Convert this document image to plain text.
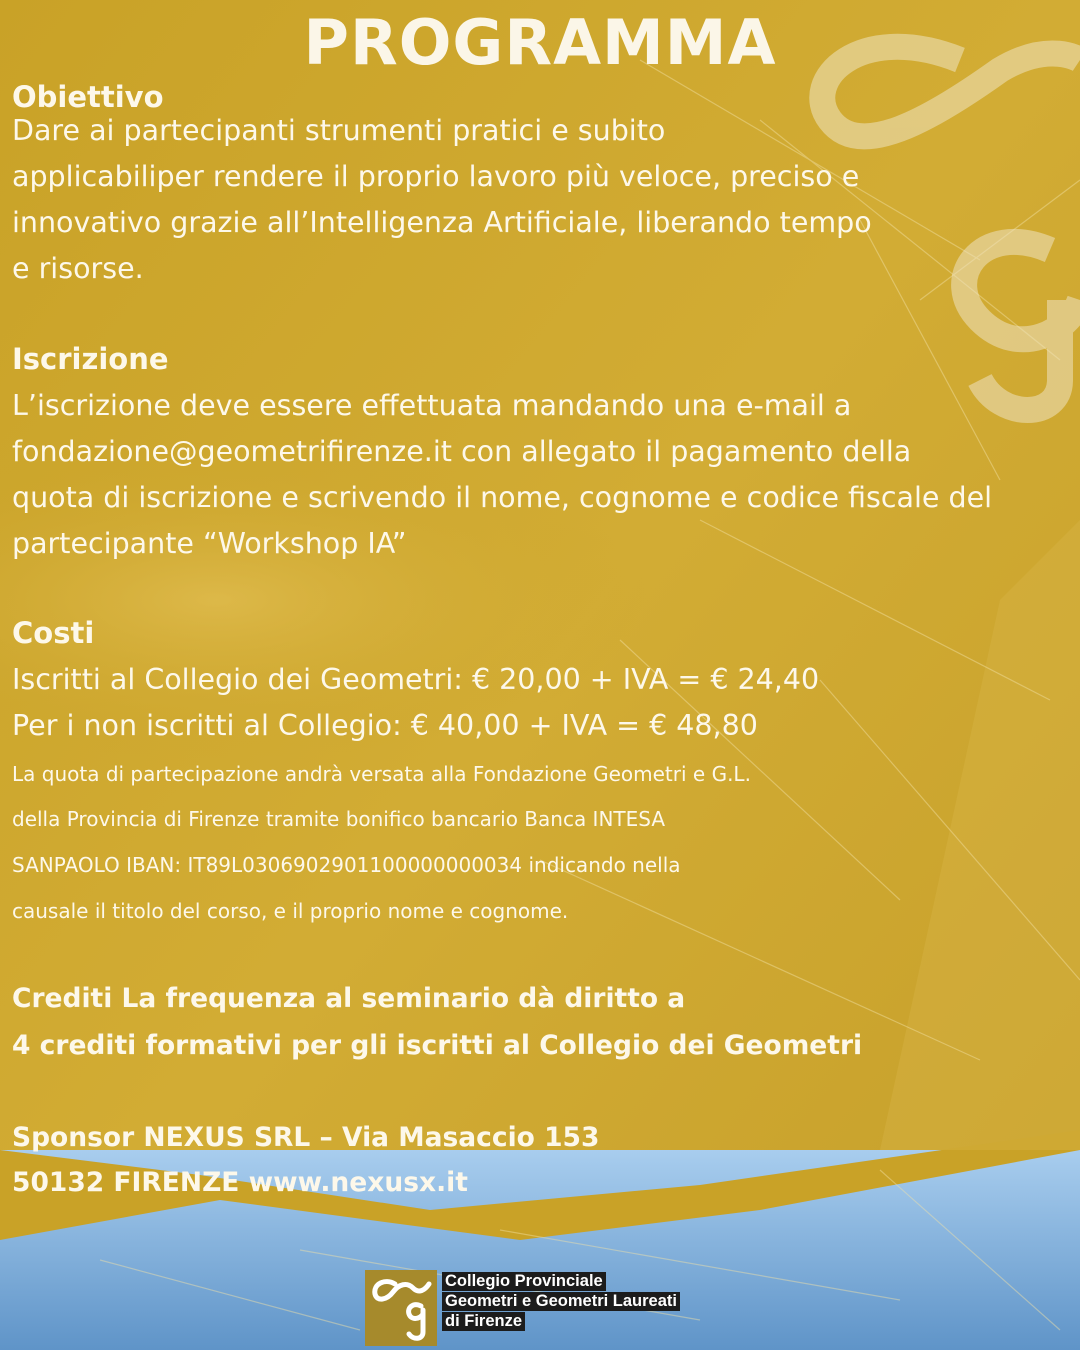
PROGRAMMA
Obiettivo
Dare ai partecipanti strumenti pratici e subito
applicabiliper rendere il proprio lavoro più veloce, preciso e
innovativo grazie all’Intelligenza Artificiale, liberando tempo
e risorse.
Iscrizione
L’iscrizione deve essere effettuata mandando una e-mail a
fondazione@geometrifirenze.it con allegato il pagamento della
quota di iscrizione e scrivendo il nome, cognome e codice fiscale del
partecipante “Workshop IA”
Costi
Iscritti al Collegio dei Geometri: € 20,00 + IVA = € 24,40
Per i non iscritti al Collegio: € 40,00 + IVA = € 48,80
La quota di partecipazione andrà versata alla Fondazione Geometri e G.L.
della Provincia di Firenze tramite bonifico bancario Banca INTESA
SANPAOLO IBAN: IT89L0306902901100000000034 indicando nella
causale il titolo del corso, e il proprio nome e cognome.
Crediti La frequenza al seminario dà diritto a
4 crediti formativi per gli iscritti al Collegio dei Geometri
Sponsor NEXUS SRL – Via Masaccio 153
50132 FIRENZE www.nexusx.it
Collegio Provinciale
Geometri e Geometri Laureati
di Firenze
